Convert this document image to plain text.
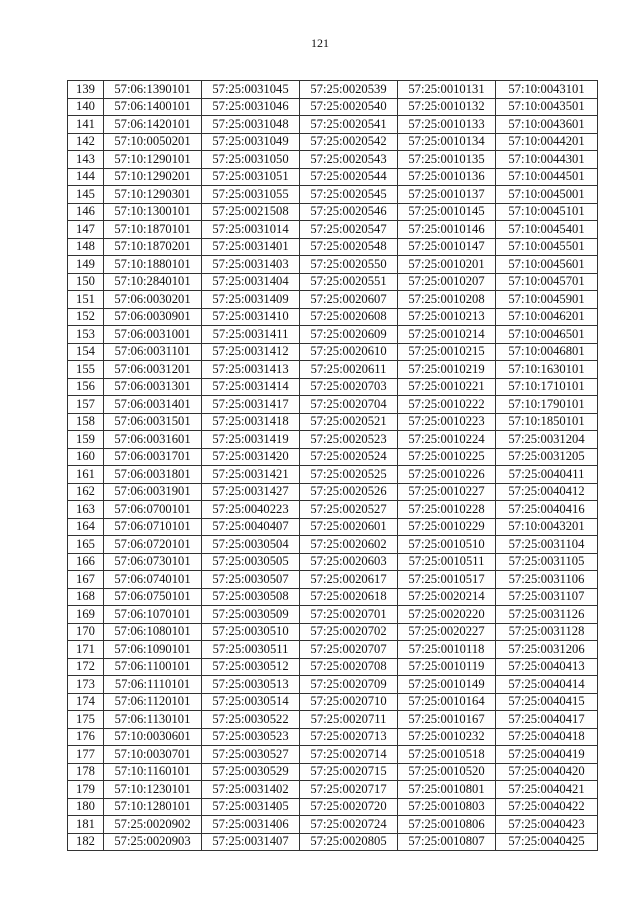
121
139	57:06:1390101	57:25:0031045	57:25:0020539	57:25:0010131	57:10:0043101
140	57:06:1400101	57:25:0031046	57:25:0020540	57:25:0010132	57:10:0043501
141	57:06:1420101	57:25:0031048	57:25:0020541	57:25:0010133	57:10:0043601
142	57:10:0050201	57:25:0031049	57:25:0020542	57:25:0010134	57:10:0044201
143	57:10:1290101	57:25:0031050	57:25:0020543	57:25:0010135	57:10:0044301
144	57:10:1290201	57:25:0031051	57:25:0020544	57:25:0010136	57:10:0044501
145	57:10:1290301	57:25:0031055	57:25:0020545	57:25:0010137	57:10:0045001
146	57:10:1300101	57:25:0021508	57:25:0020546	57:25:0010145	57:10:0045101
147	57:10:1870101	57:25:0031014	57:25:0020547	57:25:0010146	57:10:0045401
148	57:10:1870201	57:25:0031401	57:25:0020548	57:25:0010147	57:10:0045501
149	57:10:1880101	57:25:0031403	57:25:0020550	57:25:0010201	57:10:0045601
150	57:10:2840101	57:25:0031404	57:25:0020551	57:25:0010207	57:10:0045701
151	57:06:0030201	57:25:0031409	57:25:0020607	57:25:0010208	57:10:0045901
152	57:06:0030901	57:25:0031410	57:25:0020608	57:25:0010213	57:10:0046201
153	57:06:0031001	57:25:0031411	57:25:0020609	57:25:0010214	57:10:0046501
154	57:06:0031101	57:25:0031412	57:25:0020610	57:25:0010215	57:10:0046801
155	57:06:0031201	57:25:0031413	57:25:0020611	57:25:0010219	57:10:1630101
156	57:06:0031301	57:25:0031414	57:25:0020703	57:25:0010221	57:10:1710101
157	57:06:0031401	57:25:0031417	57:25:0020704	57:25:0010222	57:10:1790101
158	57:06:0031501	57:25:0031418	57:25:0020521	57:25:0010223	57:10:1850101
159	57:06:0031601	57:25:0031419	57:25:0020523	57:25:0010224	57:25:0031204
160	57:06:0031701	57:25:0031420	57:25:0020524	57:25:0010225	57:25:0031205
161	57:06:0031801	57:25:0031421	57:25:0020525	57:25:0010226	57:25:0040411
162	57:06:0031901	57:25:0031427	57:25:0020526	57:25:0010227	57:25:0040412
163	57:06:0700101	57:25:0040223	57:25:0020527	57:25:0010228	57:25:0040416
164	57:06:0710101	57:25:0040407	57:25:0020601	57:25:0010229	57:10:0043201
165	57:06:0720101	57:25:0030504	57:25:0020602	57:25:0010510	57:25:0031104
166	57:06:0730101	57:25:0030505	57:25:0020603	57:25:0010511	57:25:0031105
167	57:06:0740101	57:25:0030507	57:25:0020617	57:25:0010517	57:25:0031106
168	57:06:0750101	57:25:0030508	57:25:0020618	57:25:0020214	57:25:0031107
169	57:06:1070101	57:25:0030509	57:25:0020701	57:25:0020220	57:25:0031126
170	57:06:1080101	57:25:0030510	57:25:0020702	57:25:0020227	57:25:0031128
171	57:06:1090101	57:25:0030511	57:25:0020707	57:25:0010118	57:25:0031206
172	57:06:1100101	57:25:0030512	57:25:0020708	57:25:0010119	57:25:0040413
173	57:06:1110101	57:25:0030513	57:25:0020709	57:25:0010149	57:25:0040414
174	57:06:1120101	57:25:0030514	57:25:0020710	57:25:0010164	57:25:0040415
175	57:06:1130101	57:25:0030522	57:25:0020711	57:25:0010167	57:25:0040417
176	57:10:0030601	57:25:0030523	57:25:0020713	57:25:0010232	57:25:0040418
177	57:10:0030701	57:25:0030527	57:25:0020714	57:25:0010518	57:25:0040419
178	57:10:1160101	57:25:0030529	57:25:0020715	57:25:0010520	57:25:0040420
179	57:10:1230101	57:25:0031402	57:25:0020717	57:25:0010801	57:25:0040421
180	57:10:1280101	57:25:0031405	57:25:0020720	57:25:0010803	57:25:0040422
181	57:25:0020902	57:25:0031406	57:25:0020724	57:25:0010806	57:25:0040423
182	57:25:0020903	57:25:0031407	57:25:0020805	57:25:0010807	57:25:0040425
